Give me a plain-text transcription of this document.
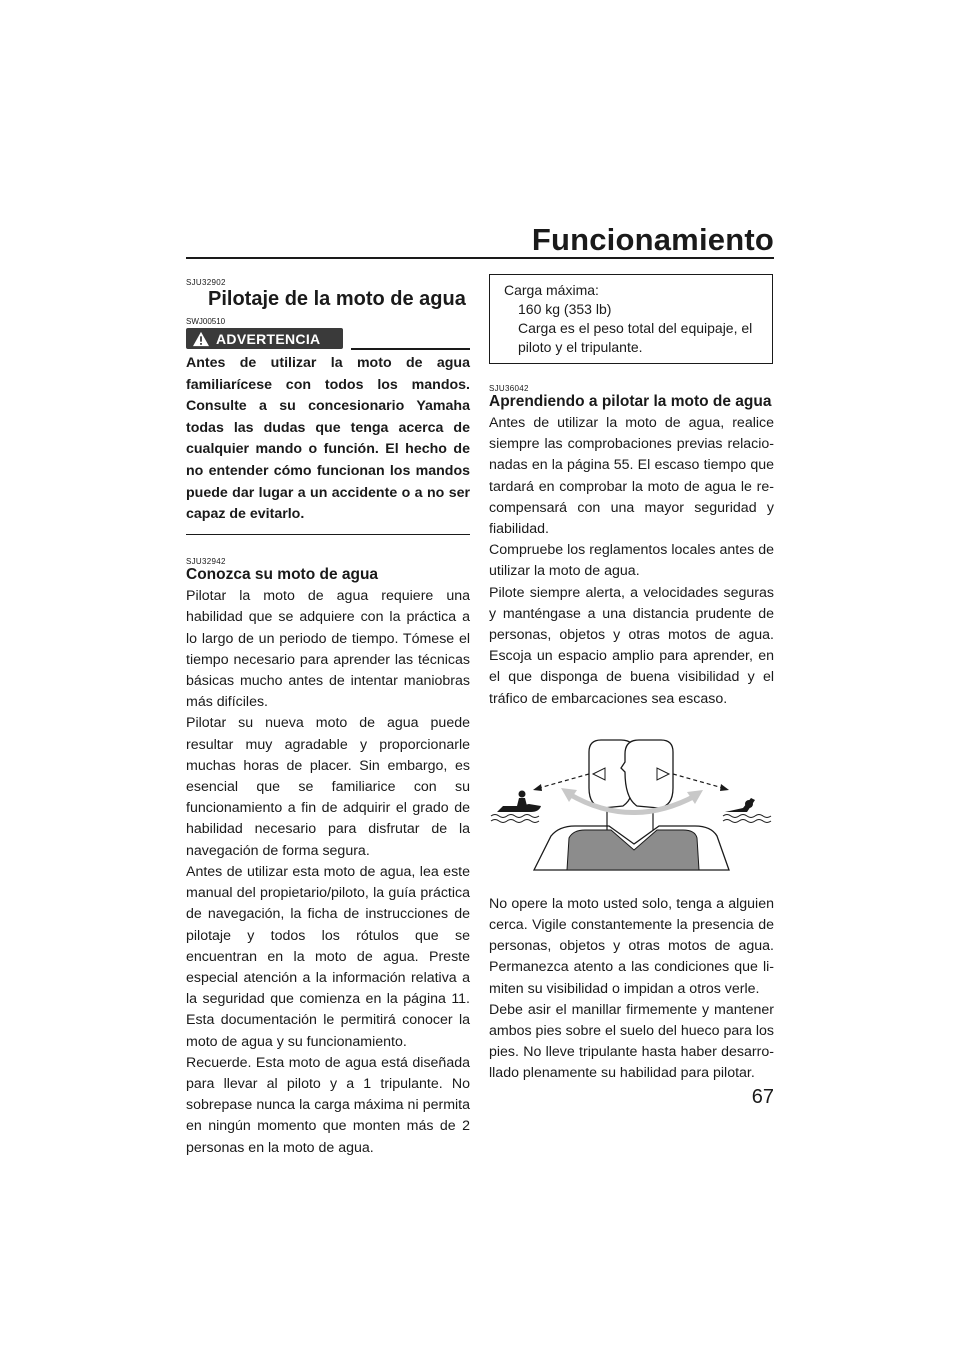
Funcionamiento
SJU32902
Pilotaje de la moto de agua
SWJ00510
ADVERTENCIA

Antes de utilizar la moto de agua familiarícese con todos los mandos. Consulte a su concesionario Yamaha todas las dudas que tenga acerca de cualquier mando o función. El hecho de no entender cómo funcionan los mandos puede dar lugar a un accidente o a no ser capaz de evitarlo.

SJU32942
Conozca su moto de agua

Pilotar la moto de agua requiere una habilidad que se adquiere con la práctica a lo largo de un periodo de tiempo. Tómese el tiempo necesario para aprender las técnicas básicas mucho antes de intentar maniobras más difíciles.

Pilotar su nueva moto de agua puede resultar muy agradable y proporcionarle muchas horas de placer. Sin embargo, es esencial que se familiarice con su funcionamiento a fin de adquirir el grado de habilidad necesario para disfrutar de la navegación de forma segura.

Antes de utilizar esta moto de agua, lea este manual del propietario/piloto, la guía práctica de navegación, la ficha de instrucciones de pilotaje y todos los rótulos que se encuentran en la moto de agua. Preste especial atención a la información relativa a la seguridad que comienza en la página 11. Esta documentación le permitirá conocer la moto de agua y su funcionamiento.

Recuerde. Esta moto de agua está diseñada para llevar al piloto y a 1 tripulante. No sobrepase nunca la carga máxima ni permita en ningún momento que monten más de 2 personas en la moto de agua.

Carga máxima:
160 kg (353 lb)
Carga es el peso total del equipaje, el piloto y el tripulante.
SJU36042
Aprendiendo a pilotar la moto de agua

Antes de utilizar la moto de agua, realice siempre las comprobaciones previas relacionadas en la página 55. El escaso tiempo que tardará en comprobar la moto de agua le recompensará con una mayor seguridad y fiabilidad.

Compruebe los reglamentos locales antes de utilizar la moto de agua.

Pilote siempre alerta, a velocidades seguras y manténgase a una distancia prudente de personas, objetos y otras motos de agua. Escoja un espacio amplio para aprender, en el que disponga de buena visibilidad y el tráfico de embarcaciones sea escaso.

No opere la moto usted solo, tenga a alguien cerca. Vigile constantemente la presencia de personas, objetos y otras motos de agua. Permanezca atento a las condiciones que limiten su visibilidad o impidan a otros verle.

Debe asir el manillar firmemente y mantener ambos pies sobre el suelo del hueco para los pies. No lleve tripulante hasta haber desarrollado plenamente su habilidad para pilotar.

67
